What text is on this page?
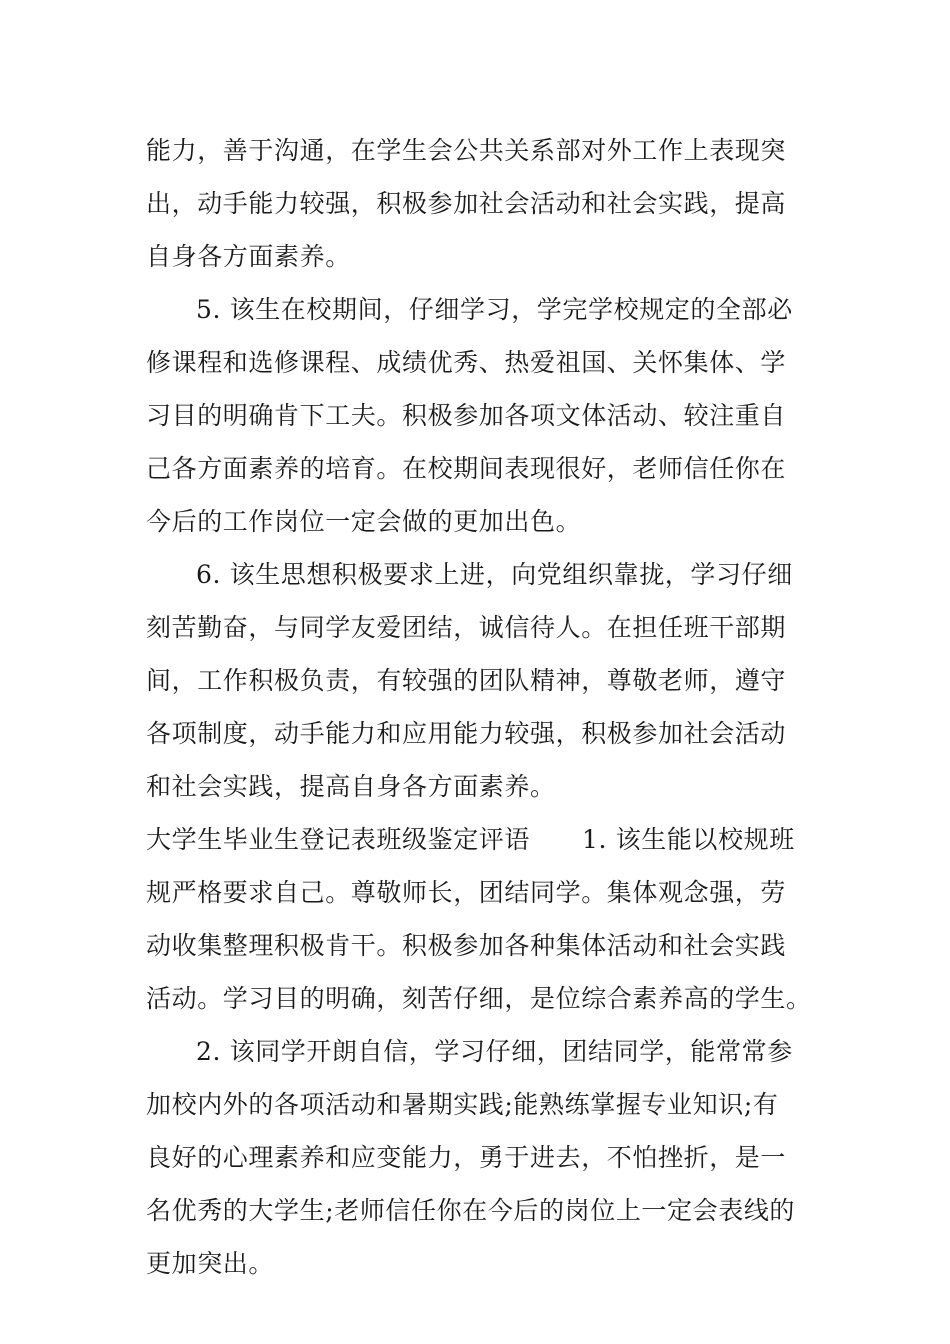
能力，善于沟通，在学生会公共关系部对外工作上表现突
出，动手能力较强，积极参加社会活动和社会实践，提高
自身各方面素养。
5. 该生在校期间，仔细学习，学完学校规定的全部必
修课程和选修课程、成绩优秀、热爱祖国、关怀集体、学
习目的明确肯下工夫。积极参加各项文体活动、较注重自
己各方面素养的培育。在校期间表现很好，老师信任你在
今后的工作岗位一定会做的更加出色。
6. 该生思想积极要求上进，向党组织靠拢，学习仔细
刻苦勤奋，与同学友爱团结，诚信待人。在担任班干部期
间，工作积极负责，有较强的团队精神，尊敬老师，遵守
各项制度，动手能力和应用能力较强，积极参加社会活动
和社会实践，提高自身各方面素养。
大学生毕业生登记表班级鉴定评语 1. 该生能以校规班
规严格要求自己。尊敬师长，团结同学。集体观念强，劳
动收集整理积极肯干。积极参加各种集体活动和社会实践
活动。学习目的明确，刻苦仔细，是位综合素养高的学生。
2. 该同学开朗自信，学习仔细，团结同学，能常常参
加校内外的各项活动和暑期实践;能熟练掌握专业知识;有
良好的心理素养和应变能力，勇于进去，不怕挫折，是一
名优秀的大学生;老师信任你在今后的岗位上一定会表线的
更加突出。
